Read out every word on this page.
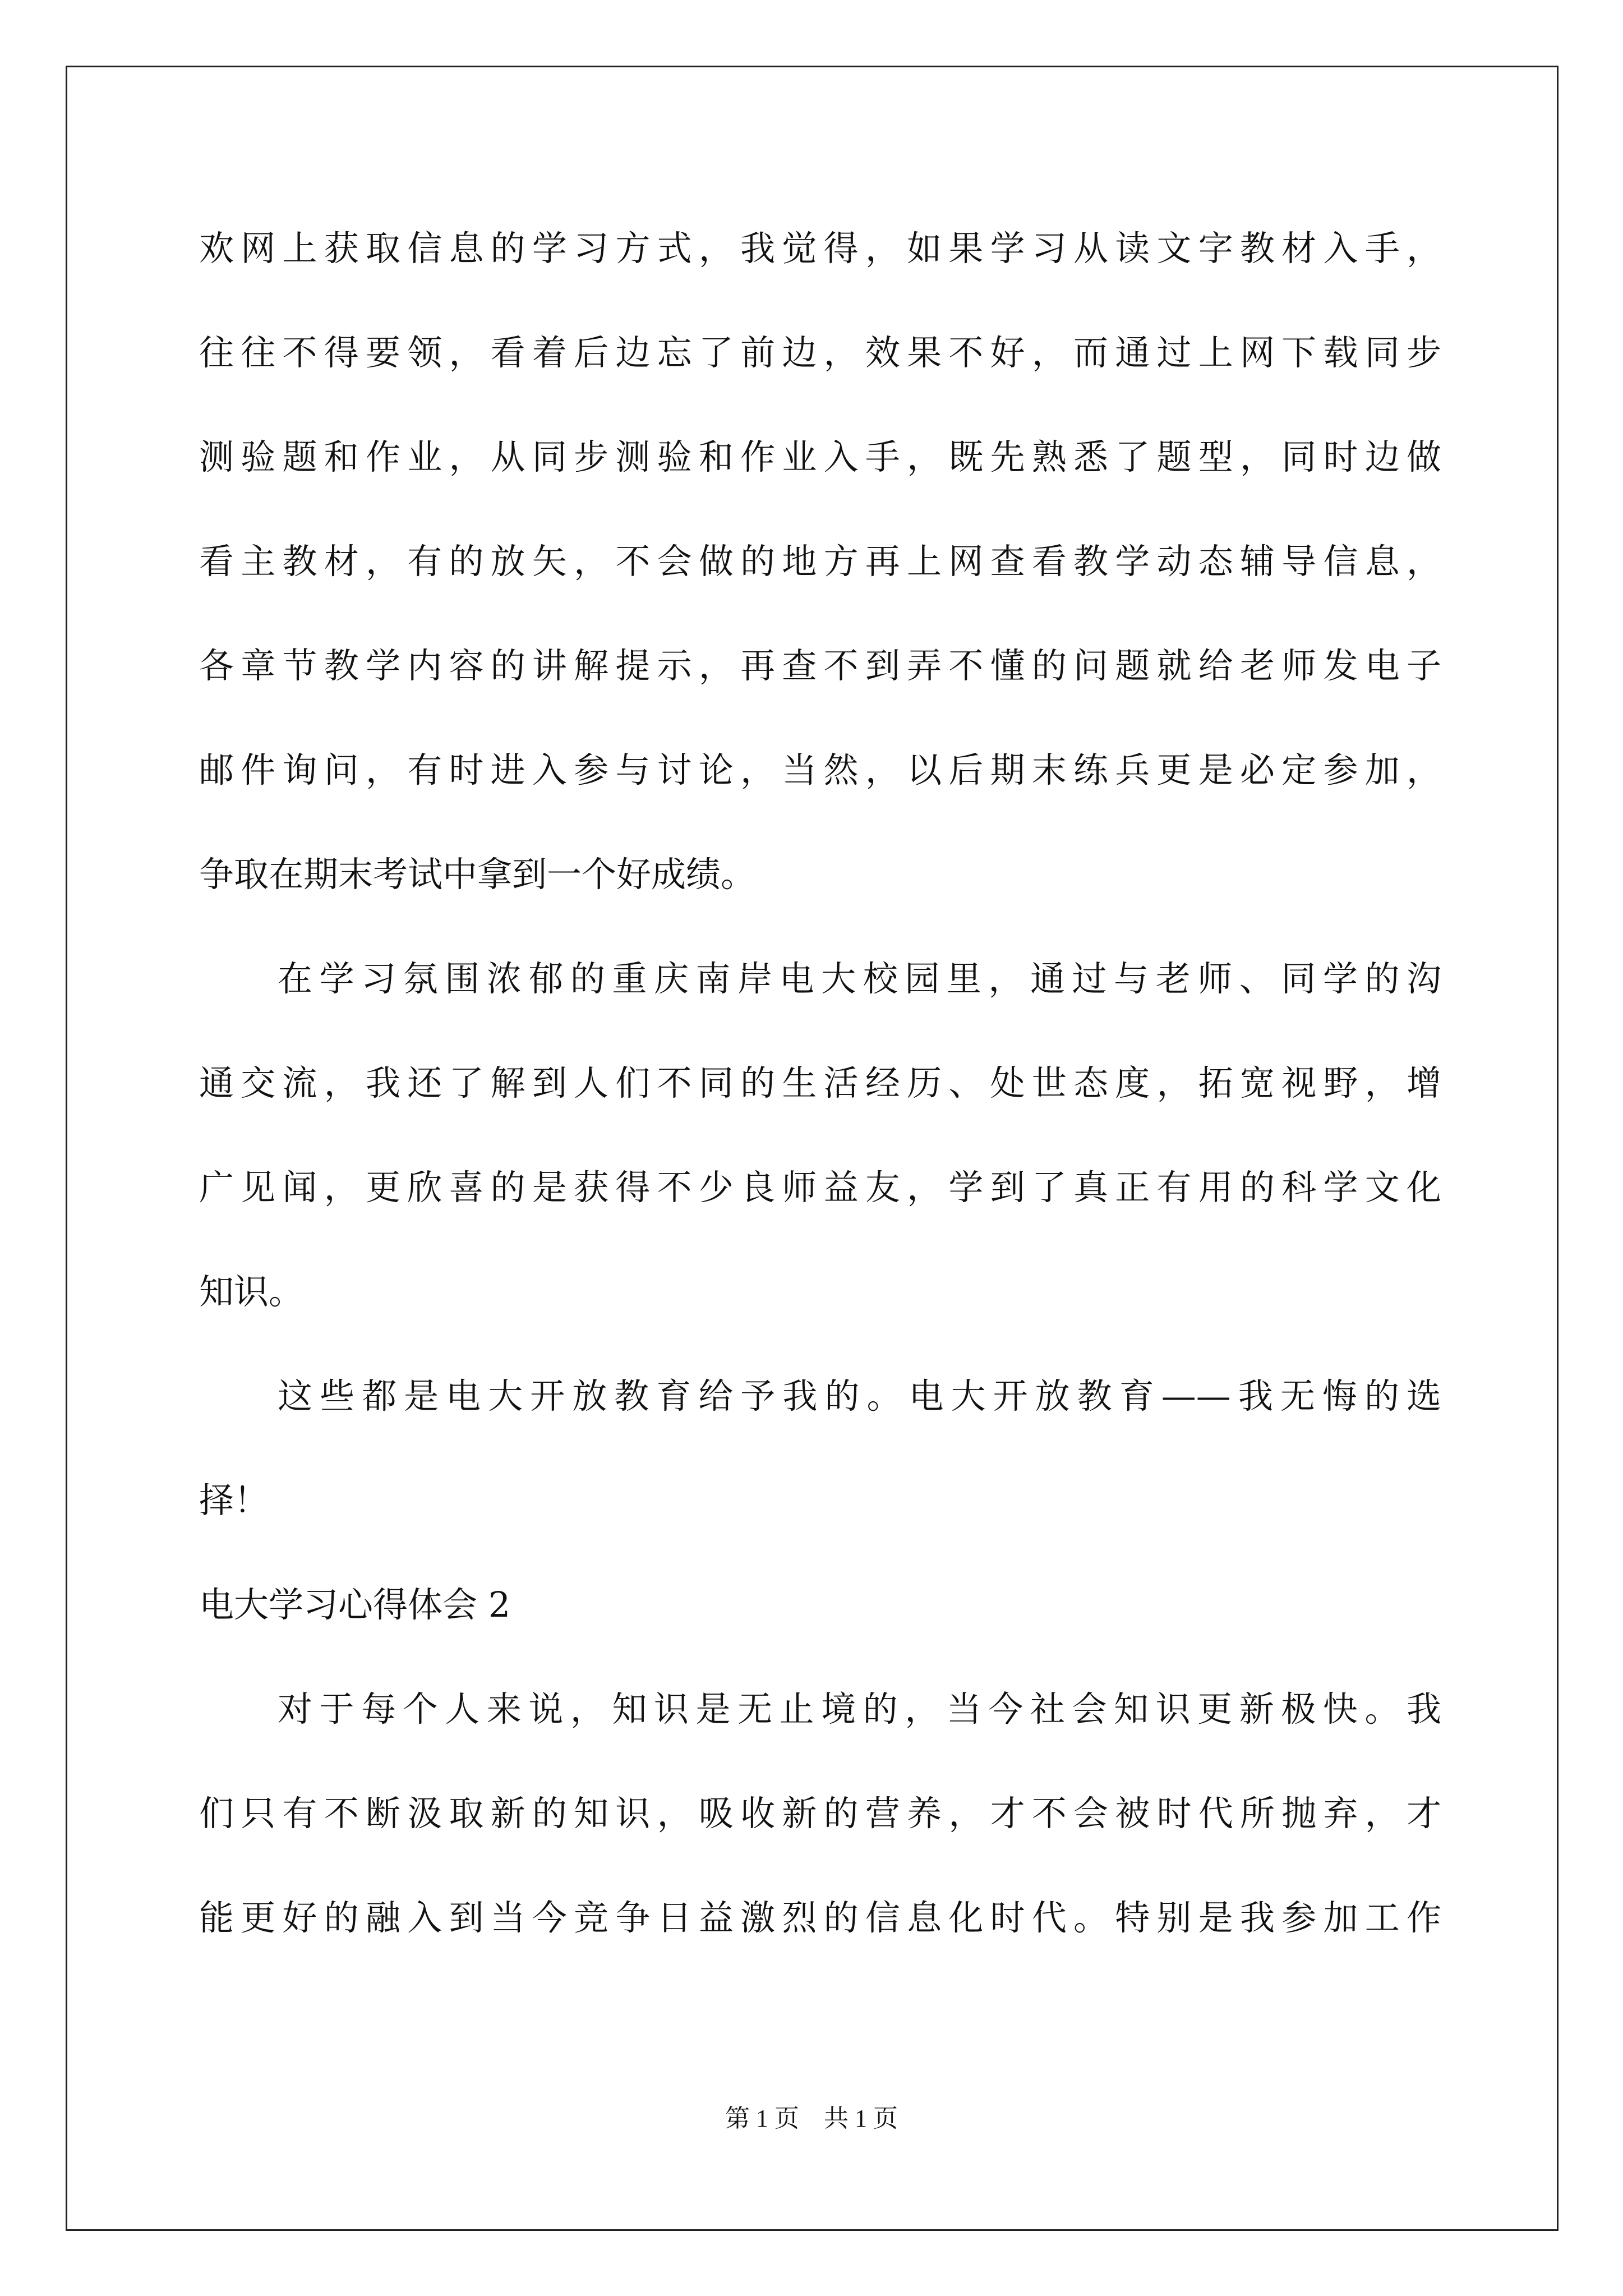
欢网上获取信息的学习方式，我觉得，如果学习从读文字教材入手，
往往不得要领，看着后边忘了前边，效果不好，而通过上网下载同步
测验题和作业，从同步测验和作业入手，既先熟悉了题型，同时边做
看主教材，有的放矢，不会做的地方再上网查看教学动态辅导信息，
各章节教学内容的讲解提示，再查不到弄不懂的问题就给老师发电子
邮件询问，有时进入参与讨论，当然，以后期末练兵更是必定参加，
争取在期末考试中拿到一个好成绩。
在学习氛围浓郁的重庆南岸电大校园里，通过与老师、同学的沟
通交流，我还了解到人们不同的生活经历、处世态度，拓宽视野，增
广见闻，更欣喜的是获得不少良师益友，学到了真正有用的科学文化
知识。
这些都是电大开放教育给予我的。电大开放教育——我无悔的选
择！
电大学习心得体会 2
对于每个人来说，知识是无止境的，当今社会知识更新极快。我
们只有不断汲取新的知识，吸收新的营养，才不会被时代所抛弃，才
能更好的融入到当今竞争日益激烈的信息化时代。特别是我参加工作
第 1 页　共 1 页
